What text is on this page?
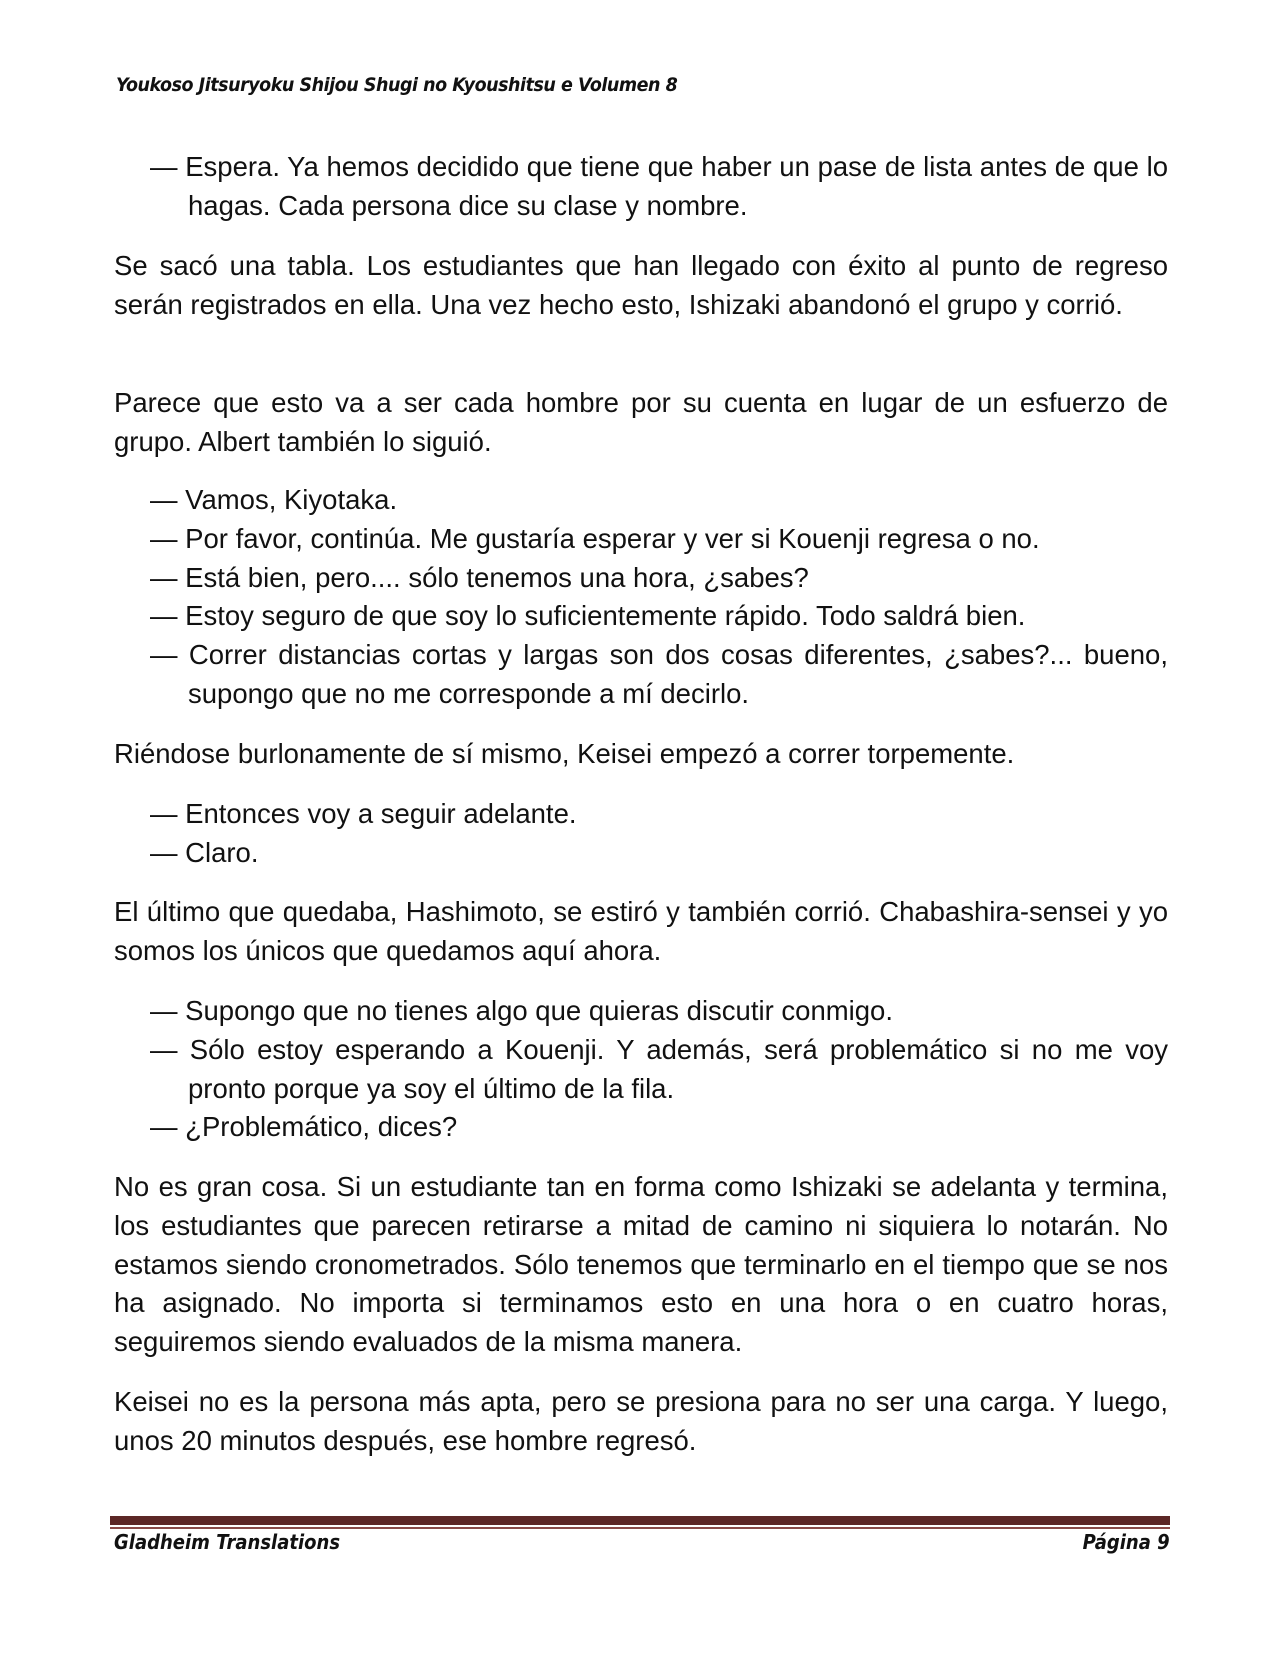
Youkoso Jitsuryoku Shijou Shugi no Kyoushitsu e Volumen 8

— Espera. Ya hemos decidido que tiene que haber un pase de lista antes de que lo hagas. Cada persona dice su clase y nombre.

Se sacó una tabla. Los estudiantes que han llegado con éxito al punto de regreso serán registrados en ella. Una vez hecho esto, Ishizaki abandonó el grupo y corrió.

Parece que esto va a ser cada hombre por su cuenta en lugar de un esfuerzo de grupo. Albert también lo siguió.

— Vamos, Kiyotaka.

— Por favor, continúa. Me gustaría esperar y ver si Kouenji regresa o no.

— Está bien, pero.... sólo tenemos una hora, ¿sabes?

— Estoy seguro de que soy lo suficientemente rápido. Todo saldrá bien.

— Correr distancias cortas y largas son dos cosas diferentes, ¿sabes?... bueno, supongo que no me corresponde a mí decirlo.

Riéndose burlonamente de sí mismo, Keisei empezó a correr torpemente.

— Entonces voy a seguir adelante.

— Claro.

El último que quedaba, Hashimoto, se estiró y también corrió. Chabashira-sensei y yo somos los únicos que quedamos aquí ahora.

— Supongo que no tienes algo que quieras discutir conmigo.

— Sólo estoy esperando a Kouenji. Y además, será problemático si no me voy pronto porque ya soy el último de la fila.

— ¿Problemático, dices?

No es gran cosa. Si un estudiante tan en forma como Ishizaki se adelanta y termina, los estudiantes que parecen retirarse a mitad de camino ni siquiera lo notarán. No estamos siendo cronometrados. Sólo tenemos que terminarlo en el tiempo que se nos ha asignado. No importa si terminamos esto en una hora o en cuatro horas, seguiremos siendo evaluados de la misma manera.

Keisei no es la persona más apta, pero se presiona para no ser una carga. Y luego, unos 20 minutos después, ese hombre regresó.

Gladheim Translations	Página 9
